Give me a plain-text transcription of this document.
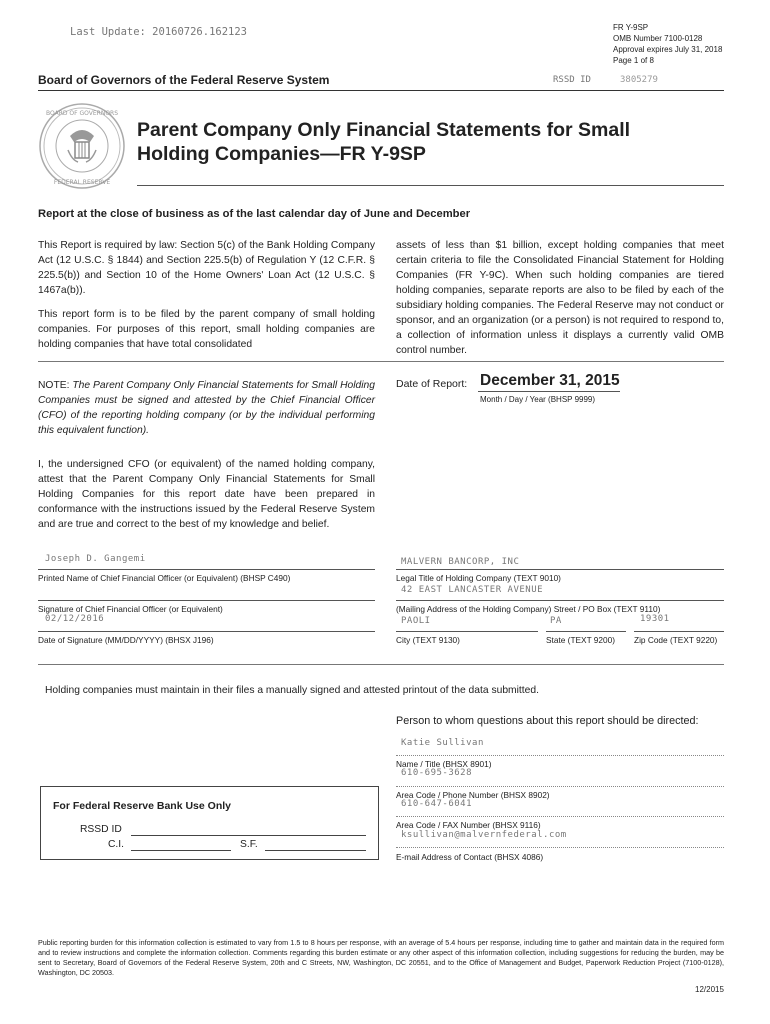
Last Update: 20160726.162123	FR Y-9SP
OMB Number 7100-0128
Approval expires July 31, 2018
Page 1 of 8
Board of Governors of the Federal Reserve System	RSSD ID	3805279
BOARD OF GOVERNORS
FEDERAL RESERVE
Parent Company Only Financial Statements for Small
Holding Companies—FR Y-9SP
Report at the close of business as of the last calendar day of June and December
This Report is required by law: Section 5(c) of the Bank Holding Company Act (12 U.S.C. § 1844) and Section 225.5(b) of Regulation Y (12 C.F.R. § 225.5(b)) and Section 10 of the Home Owners' Loan Act (12 U.S.C. § 1467a(b)).
This report form is to be filed by the parent company of small holding companies. For purposes of this report, small holding companies are holding companies that have total consolidated
assets of less than $1 billion, except holding companies that meet certain criteria to file the Consolidated Financial Statement for Holding Companies (FR Y-9C). When such holding companies are tiered holding companies, separate reports are also to be filed by each of the subsidiary holding companies. The Federal Reserve may not conduct or sponsor, and an organization (or a person) is not required to respond to, a collection of information unless it displays a currently valid OMB control number.
NOTE: The Parent Company Only Financial Statements for Small Holding Companies must be signed and attested by the Chief Financial Officer (CFO) of the reporting holding company (or by the individual performing this equivalent function).
Date of Report: December 31, 2015
Month / Day / Year (BHSP 9999)
I, the undersigned CFO (or equivalent) of the named holding company, attest that the Parent Company Only Financial Statements for Small Holding Companies for this report date have been prepared in conformance with the instructions issued by the Federal Reserve System and are true and correct to the best of my knowledge and belief.
Joseph D. Gangemi
Printed Name of Chief Financial Officer (or Equivalent) (BHSP C490)
Signature of Chief Financial Officer (or Equivalent)
02/12/2016
Date of Signature (MM/DD/YYYY) (BHSX J196)
MALVERN BANCORP, INC
Legal Title of Holding Company (TEXT 9010)
42 EAST LANCASTER AVENUE
(Mailing Address of the Holding Company) Street / PO Box (TEXT 9110)
PAOLI	PA	19301
City (TEXT 9130)	State (TEXT 9200) Zip Code (TEXT 9220)
Holding companies must maintain in their files a manually signed and attested printout of the data submitted.
Person to whom questions about this report should be directed:
Katie Sullivan
Name / Title (BHSX 8901)
610-695-3628
Area Code / Phone Number (BHSX 8902)
610-647-6041
Area Code / FAX Number (BHSX 9116)
ksullivan@malvernfederal.com
E-mail Address of Contact (BHSX 4086)
For Federal Reserve Bank Use Only
RSSD ID
C.I.	S.F.
Public reporting burden for this information collection is estimated to vary from 1.5 to 8 hours per response, with an average of 5.4 hours per response, including time to gather and maintain data in the required form and to review instructions and complete the information collection. Comments regarding this burden estimate or any other aspect of this information collection, including suggestions for reducing the burden, may be sent to Secretary, Board of Governors of the Federal Reserve System, 20th and C Streets, NW, Washington, DC 20551, and to the Office of Management and Budget, Paperwork Reduction Project (7100-0128), Washington, DC 20503.
12/2015
